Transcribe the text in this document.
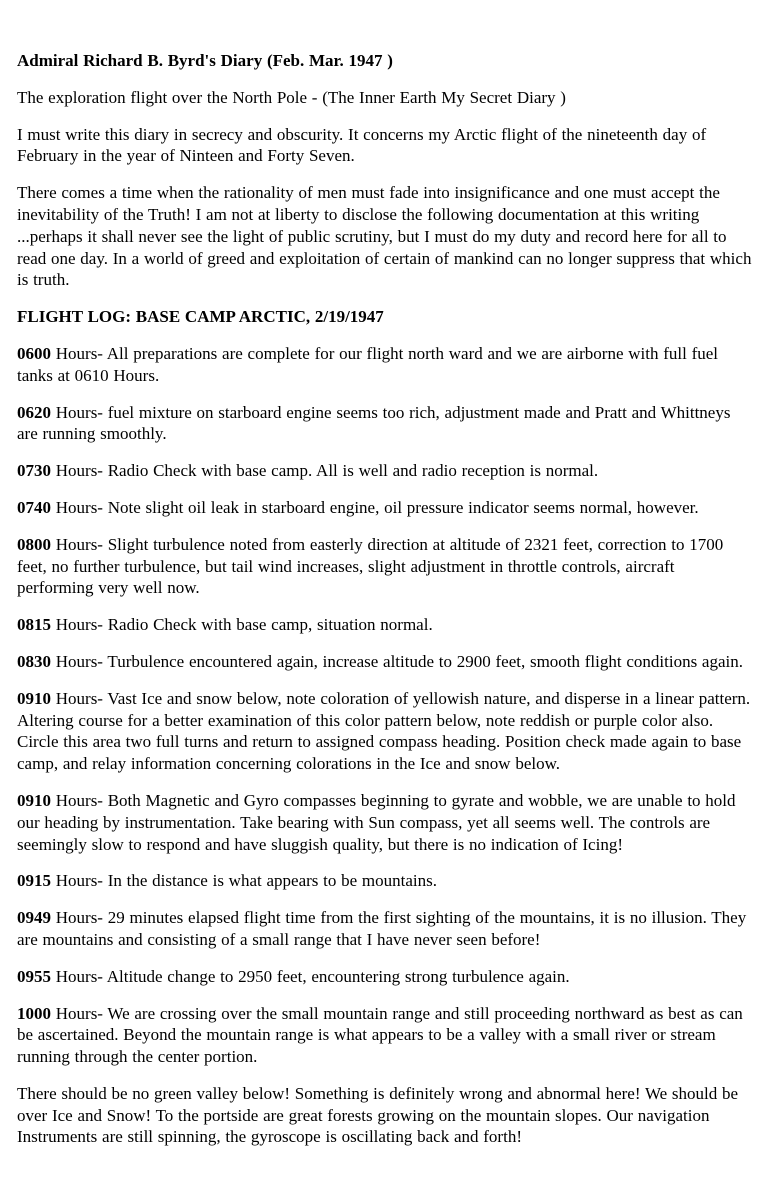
Admiral Richard B. Byrd's Diary (Feb. Mar. 1947 )

The exploration flight over the North Pole - (The Inner Earth My Secret Diary )

I must write this diary in secrecy and obscurity. It concerns my Arctic flight of the nineteenth day of February in the year of Ninteen and Forty Seven.

There comes a time when the rationality of men must fade into insignificance and one must accept the inevitability of the Truth! I am not at liberty to disclose the following documentation at this writing ...perhaps it shall never see the light of public scrutiny, but I must do my duty and record here for all to read one day. In a world of greed and exploitation of certain of mankind can no longer suppress that which is truth.

FLIGHT LOG: BASE CAMP ARCTIC, 2/19/1947

0600 Hours- All preparations are complete for our flight north ward and we are airborne with full fuel tanks at 0610 Hours.

0620 Hours- fuel mixture on starboard engine seems too rich, adjustment made and Pratt and Whittneys are running smoothly.

0730 Hours- Radio Check with base camp. All is well and radio reception is normal.

0740 Hours- Note slight oil leak in starboard engine, oil pressure indicator seems normal, however.

0800 Hours- Slight turbulence noted from easterly direction at altitude of 2321 feet, correction to 1700 feet, no further turbulence, but tail wind increases, slight adjustment in throttle controls, aircraft performing very well now.

0815 Hours- Radio Check with base camp, situation normal.

0830 Hours- Turbulence encountered again, increase altitude to 2900 feet, smooth flight conditions again.

0910 Hours- Vast Ice and snow below, note coloration of yellowish nature, and disperse in a linear pattern. Altering course for a better examination of this color pattern below, note reddish or purple color also. Circle this area two full turns and return to assigned compass heading. Position check made again to base camp, and relay information concerning colorations in the Ice and snow below.

0910 Hours- Both Magnetic and Gyro compasses beginning to gyrate and wobble, we are unable to hold our heading by instrumentation. Take bearing with Sun compass, yet all seems well. The controls are seemingly slow to respond and have sluggish quality, but there is no indication of Icing!

0915 Hours- In the distance is what appears to be mountains.

0949 Hours- 29 minutes elapsed flight time from the first sighting of the mountains, it is no illusion. They are mountains and consisting of a small range that I have never seen before!

0955 Hours- Altitude change to 2950 feet, encountering strong turbulence again.

1000 Hours- We are crossing over the small mountain range and still proceeding northward as best as can be ascertained. Beyond the mountain range is what appears to be a valley with a small river or stream running through the center portion.

There should be no green valley below! Something is definitely wrong and abnormal here! We should be over Ice and Snow! To the portside are great forests growing on the mountain slopes. Our navigation Instruments are still spinning, the gyroscope is oscillating back and forth!
